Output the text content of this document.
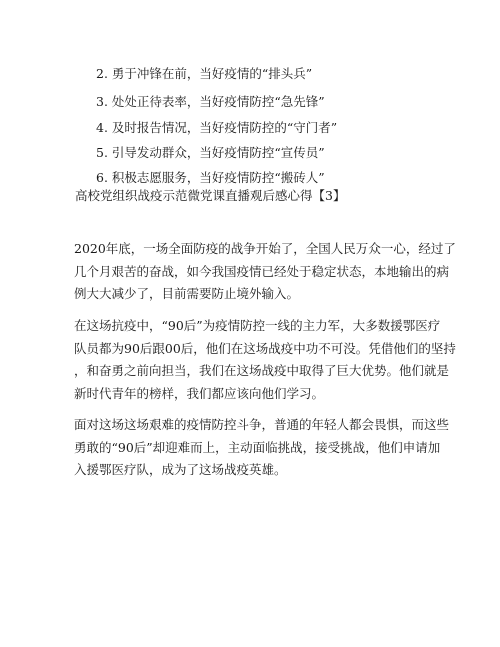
2. 勇于冲锋在前，当好疫情的“排头兵”
3. 处处正待表率，当好疫情防控“急先锋”
4. 及时报告情况，当好疫情防控的“守门者”
5. 引导发动群众，当好疫情防控“宣传员”
6. 积极志愿服务，当好疫情防控“搬砖人”
高校党组织战疫示范微党课直播观后感心得【3】
2020年底，一场全面防疫的战争开始了，全国人民万众一心，经过了
几个月艰苦的奋战，如今我国疫情已经处于稳定状态，本地输出的病
例大大减少了，目前需要防止境外输入。
在这场抗疫中，“90后”为疫情防控一线的主力军，大多数援鄂医疗
队员都为90后跟00后，他们在这场战疫中功不可没。凭借他们的坚持
，和奋勇之前向担当，我们在这场战疫中取得了巨大优势。他们就是
新时代青年的榜样，我们都应该向他们学习。
面对这场这场艰难的疫情防控斗争，普通的年轻人都会畏惧，而这些
勇敢的“90后”却迎难而上，主动面临挑战，接受挑战，他们申请加
入援鄂医疗队，成为了这场战疫英雄。
